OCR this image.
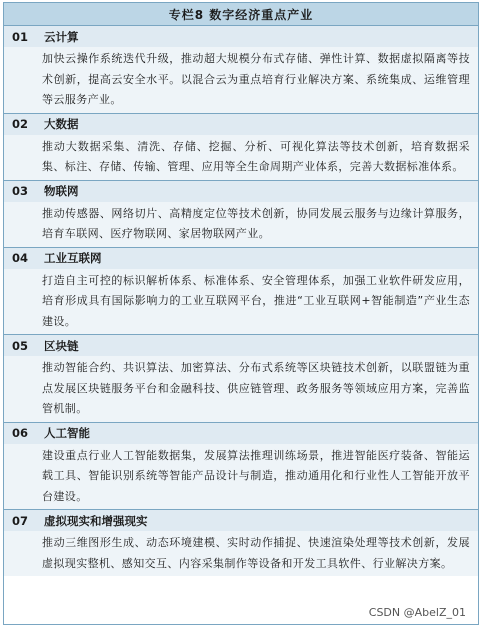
专栏8 数字经济重点产业
01	云计算
加快云操作系统迭代升级，推动超大规模分布式存储、弹性计算、数据虚拟隔离等技术创新，提高云安全水平。以混合云为重点培育行业解决方案、系统集成、运维管理等云服务产业。
02	大数据
推动大数据采集、清洗、存储、挖掘、分析、可视化算法等技术创新，培育数据采集、标注、存储、传输、管理、应用等全生命周期产业体系，完善大数据标准体系。
03	物联网
推动传感器、网络切片、高精度定位等技术创新，协同发展云服务与边缘计算服务，培育车联网、医疗物联网、家居物联网产业。
04	工业互联网
打造自主可控的标识解析体系、标准体系、安全管理体系，加强工业软件研发应用，培育形成具有国际影响力的工业互联网平台，推进“工业互联网+智能制造”产业生态建设。
05	区块链
推动智能合约、共识算法、加密算法、分布式系统等区块链技术创新，以联盟链为重点发展区块链服务平台和金融科技、供应链管理、政务服务等领域应用方案，完善监管机制。
06	人工智能
建设重点行业人工智能数据集，发展算法推理训练场景，推进智能医疗装备、智能运载工具、智能识别系统等智能产品设计与制造，推动通用化和行业性人工智能开放平台建设。
07	虚拟现实和增强现实
推动三维图形生成、动态环境建模、实时动作捕捉、快速渲染处理等技术创新，发展虚拟现实整机、感知交互、内容采集制作等设备和开发工具软件、行业解决方案。
CSDN @AbelZ_01
